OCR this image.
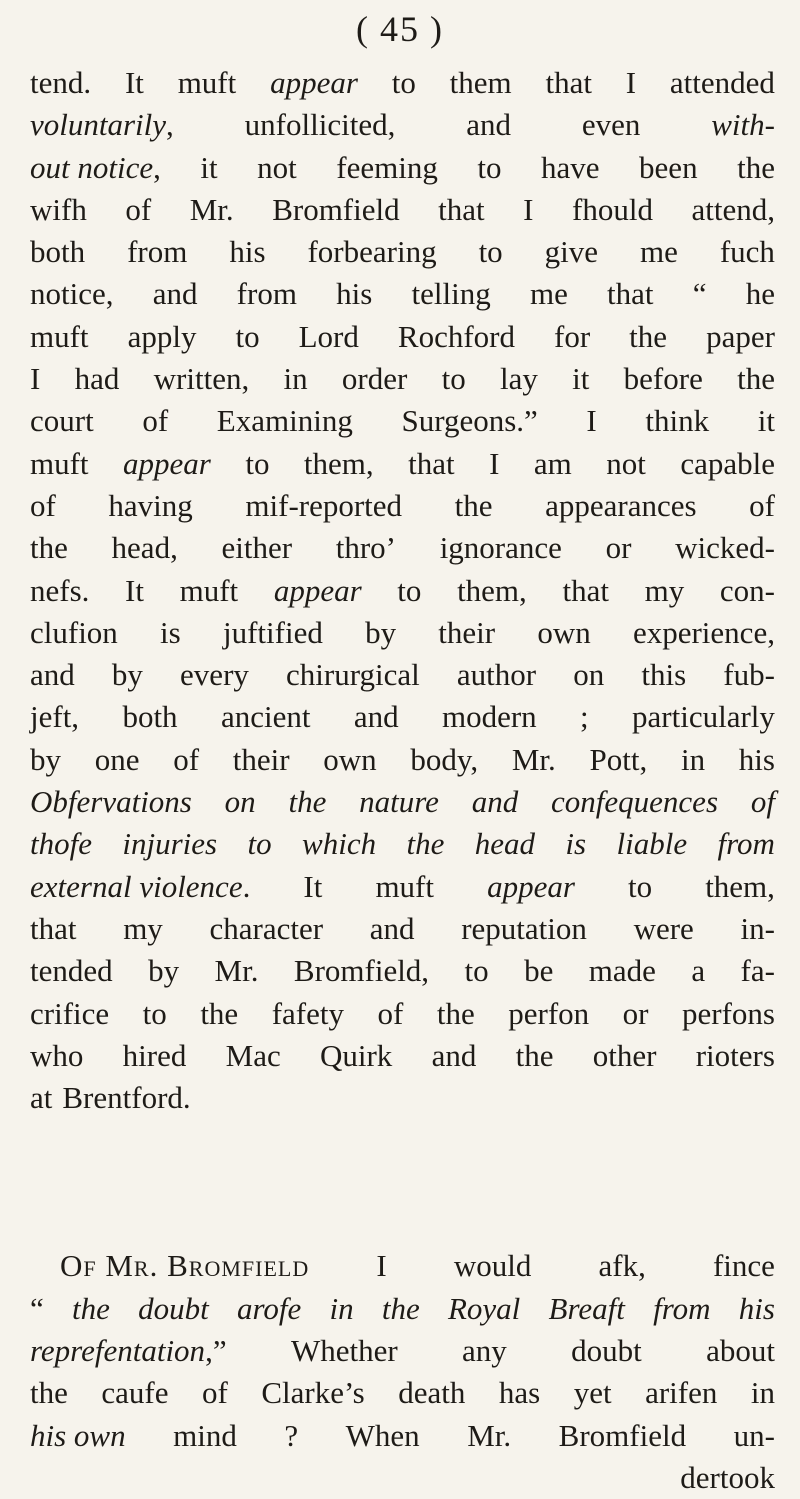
( 45 )
tend. It muft appear to them that I attended
voluntarily, unfollicited, and even with-
out notice, it not feeming to have been the
wifh of Mr. Bromfield that I fhould attend,
both from his forbearing to give me fuch
notice, and from his telling me that “ he
muft apply to Lord Rochford for the paper
I had written, in order to lay it before the
court of Examining Surgeons.” I think it
muft appear to them, that I am not capable
of having mif-reported the appearances of
the head, either thro’ ignorance or wicked-
nefs. It muft appear to them, that my con-
clufion is juftified by their own experience,
and by every chirurgical author on this fub-
jeft, both ancient and modern ; particularly
by one of their own body, Mr. Pott, in his
Obfervations on the nature and confequences of
thofe injuries to which the head is liable from
external violence. It muft appear to them,
that my character and reputation were in-
tended by Mr. Bromfield, to be made a fa-
crifice to the fafety of the perfon or perfons
who hired Mac Quirk and the other rioters
at Brentford.
Of Mr. Bromfield I would afk, fince
“ the doubt arofe in the Royal Breaft from his
reprefentation,” Whether any doubt about
the caufe of Clarke’s death has yet arifen in
his own mind ? When Mr. Bromfield un-
dertook
